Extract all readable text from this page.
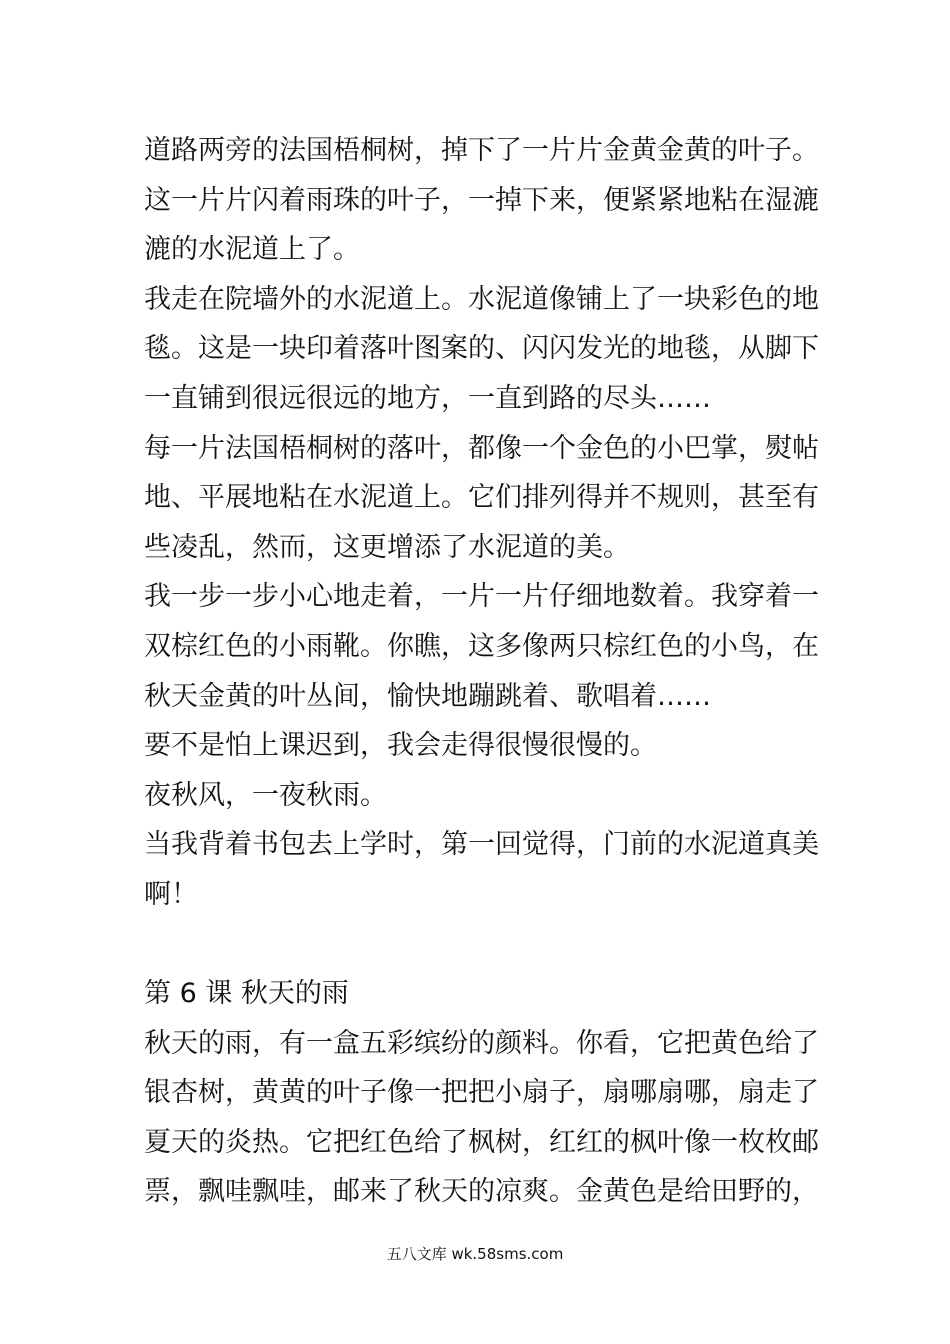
道路两旁的法国梧桐树，掉下了一片片金黄金黄的叶子。
这一片片闪着雨珠的叶子，一掉下来，便紧紧地粘在湿漉
漉的水泥道上了。
我走在院墙外的水泥道上。水泥道像铺上了一块彩色的地
毯。这是一块印着落叶图案的、闪闪发光的地毯，从脚下
一直铺到很远很远的地方，一直到路的尽头……
每一片法国梧桐树的落叶，都像一个金色的小巴掌，熨帖
地、平展地粘在水泥道上。它们排列得并不规则，甚至有
些凌乱，然而，这更增添了水泥道的美。
我一步一步小心地走着，一片一片仔细地数着。我穿着一
双棕红色的小雨靴。你瞧，这多像两只棕红色的小鸟，在
秋天金黄的叶丛间，愉快地蹦跳着、歌唱着……
要不是怕上课迟到，我会走得很慢很慢的。
夜秋风，一夜秋雨。
当我背着书包去上学时，第一回觉得，门前的水泥道真美
啊！
第 6 课 秋天的雨
秋天的雨，有一盒五彩缤纷的颜料。你看，它把黄色给了
银杏树，黄黄的叶子像一把把小扇子，扇哪扇哪，扇走了
夏天的炎热。它把红色给了枫树，红红的枫叶像一枚枚邮
票，飘哇飘哇，邮来了秋天的凉爽。金黄色是给田野的，
五八文库 wk.58sms.com
